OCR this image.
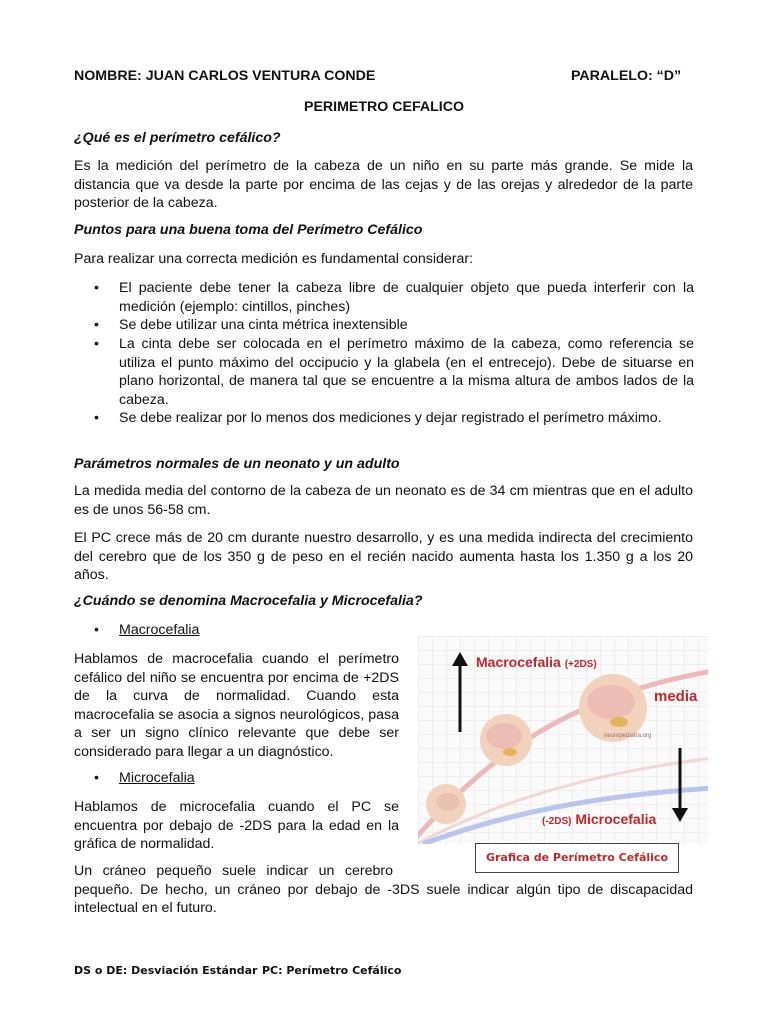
NOMBRE: JUAN CARLOS VENTURA CONDE	PARALELO: “D”
PERIMETRO CEFALICO
¿Qué es el perímetro cefálico?
Es la medición del perímetro de la cabeza de un niño en su parte más grande. Se mide la distancia que va desde la parte por encima de las cejas y de las orejas y alrededor de la parte posterior de la cabeza.
Puntos para una buena toma del Perímetro Cefálico
Para realizar una correcta medición es fundamental considerar:
• El paciente debe tener la cabeza libre de cualquier objeto que pueda interferir con la medición (ejemplo: cintillos, pinches)
• Se debe utilizar una cinta métrica inextensible
• La cinta debe ser colocada en el perímetro máximo de la cabeza, como referencia se utiliza el punto máximo del occipucio y la glabela (en el entrecejo). Debe de situarse en plano horizontal, de manera tal que se encuentre a la misma altura de ambos lados de la cabeza.
• Se debe realizar por lo menos dos mediciones y dejar registrado el perímetro máximo.
Parámetros normales de un neonato y un adulto
La medida media del contorno de la cabeza de un neonato es de 34 cm mientras que en el adulto es de unos 56-58 cm.
El PC crece más de 20 cm durante nuestro desarrollo, y es una medida indirecta del crecimiento del cerebro que de los 350 g de peso en el recién nacido aumenta hasta los 1.350 g a los 20 años.
¿Cuándo se denomina Macrocefalia y Microcefalia?
• Macrocefalia
Hablamos de macrocefalia cuando el perímetro cefálico del niño se encuentra por encima de +2DS de la curva de normalidad. Cuando esta macrocefalia se asocia a signos neurológicos, pasa a ser un signo clínico relevante que debe ser considerado para llegar a un diagnóstico.
• Microcefalia
Hablamos de microcefalia cuando el PC se encuentra por debajo de -2DS para la edad en la gráfica de normalidad.
Macrocefalia (+2DS)
media
neuropediatra.org
(-2DS) Microcefalia
Grafica de Perímetro Cefálico
Un cráneo pequeño suele indicar un cerebro pequeño. De hecho, un cráneo por debajo de -3DS suele indicar algún tipo de discapacidad intelectual en el futuro.
DS o DE: Desviación Estándar PC: Perímetro Cefálico
